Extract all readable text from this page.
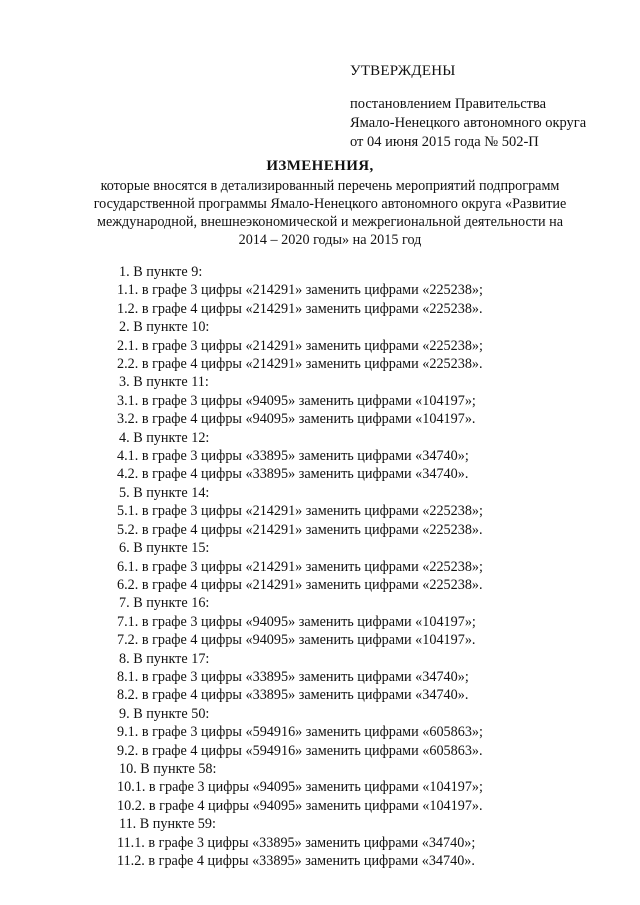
УТВЕРЖДЕНЫ
постановлением Правительства
Ямало-Ненецкого автономного округа
от 04 июня 2015 года № 502-П
ИЗМЕНЕНИЯ,
которые вносятся в детализированный перечень мероприятий подпрограмм
государственной программы Ямало-Ненецкого автономного округа «Развитие
международной, внешнеэкономической и межрегиональной деятельности на
2014 – 2020 годы» на 2015 год
1. В пункте 9:
1.1. в графе 3 цифры «214291» заменить цифрами «225238»;
1.2. в графе 4 цифры «214291» заменить цифрами «225238».
2. В пункте 10:
2.1. в графе 3 цифры «214291» заменить цифрами «225238»;
2.2. в графе 4 цифры «214291» заменить цифрами «225238».
3. В пункте 11:
3.1. в графе 3 цифры «94095» заменить цифрами «104197»;
3.2. в графе 4 цифры «94095» заменить цифрами «104197».
4. В пункте 12:
4.1. в графе 3 цифры «33895» заменить цифрами «34740»;
4.2. в графе 4 цифры «33895» заменить цифрами «34740».
5. В пункте 14:
5.1. в графе 3 цифры «214291» заменить цифрами «225238»;
5.2. в графе 4 цифры «214291» заменить цифрами «225238».
6. В пункте 15:
6.1. в графе 3 цифры «214291» заменить цифрами «225238»;
6.2. в графе 4 цифры «214291» заменить цифрами «225238».
7. В пункте 16:
7.1. в графе 3 цифры «94095» заменить цифрами «104197»;
7.2. в графе 4 цифры «94095» заменить цифрами «104197».
8. В пункте 17:
8.1. в графе 3 цифры «33895» заменить цифрами «34740»;
8.2. в графе 4 цифры «33895» заменить цифрами «34740».
9. В пункте 50:
9.1. в графе 3 цифры «594916» заменить цифрами «605863»;
9.2. в графе 4 цифры «594916» заменить цифрами «605863».
10. В пункте 58:
10.1. в графе 3 цифры «94095» заменить цифрами «104197»;
10.2. в графе 4 цифры «94095» заменить цифрами «104197».
11. В пункте 59:
11.1. в графе 3 цифры «33895» заменить цифрами «34740»;
11.2. в графе 4 цифры «33895» заменить цифрами «34740».
